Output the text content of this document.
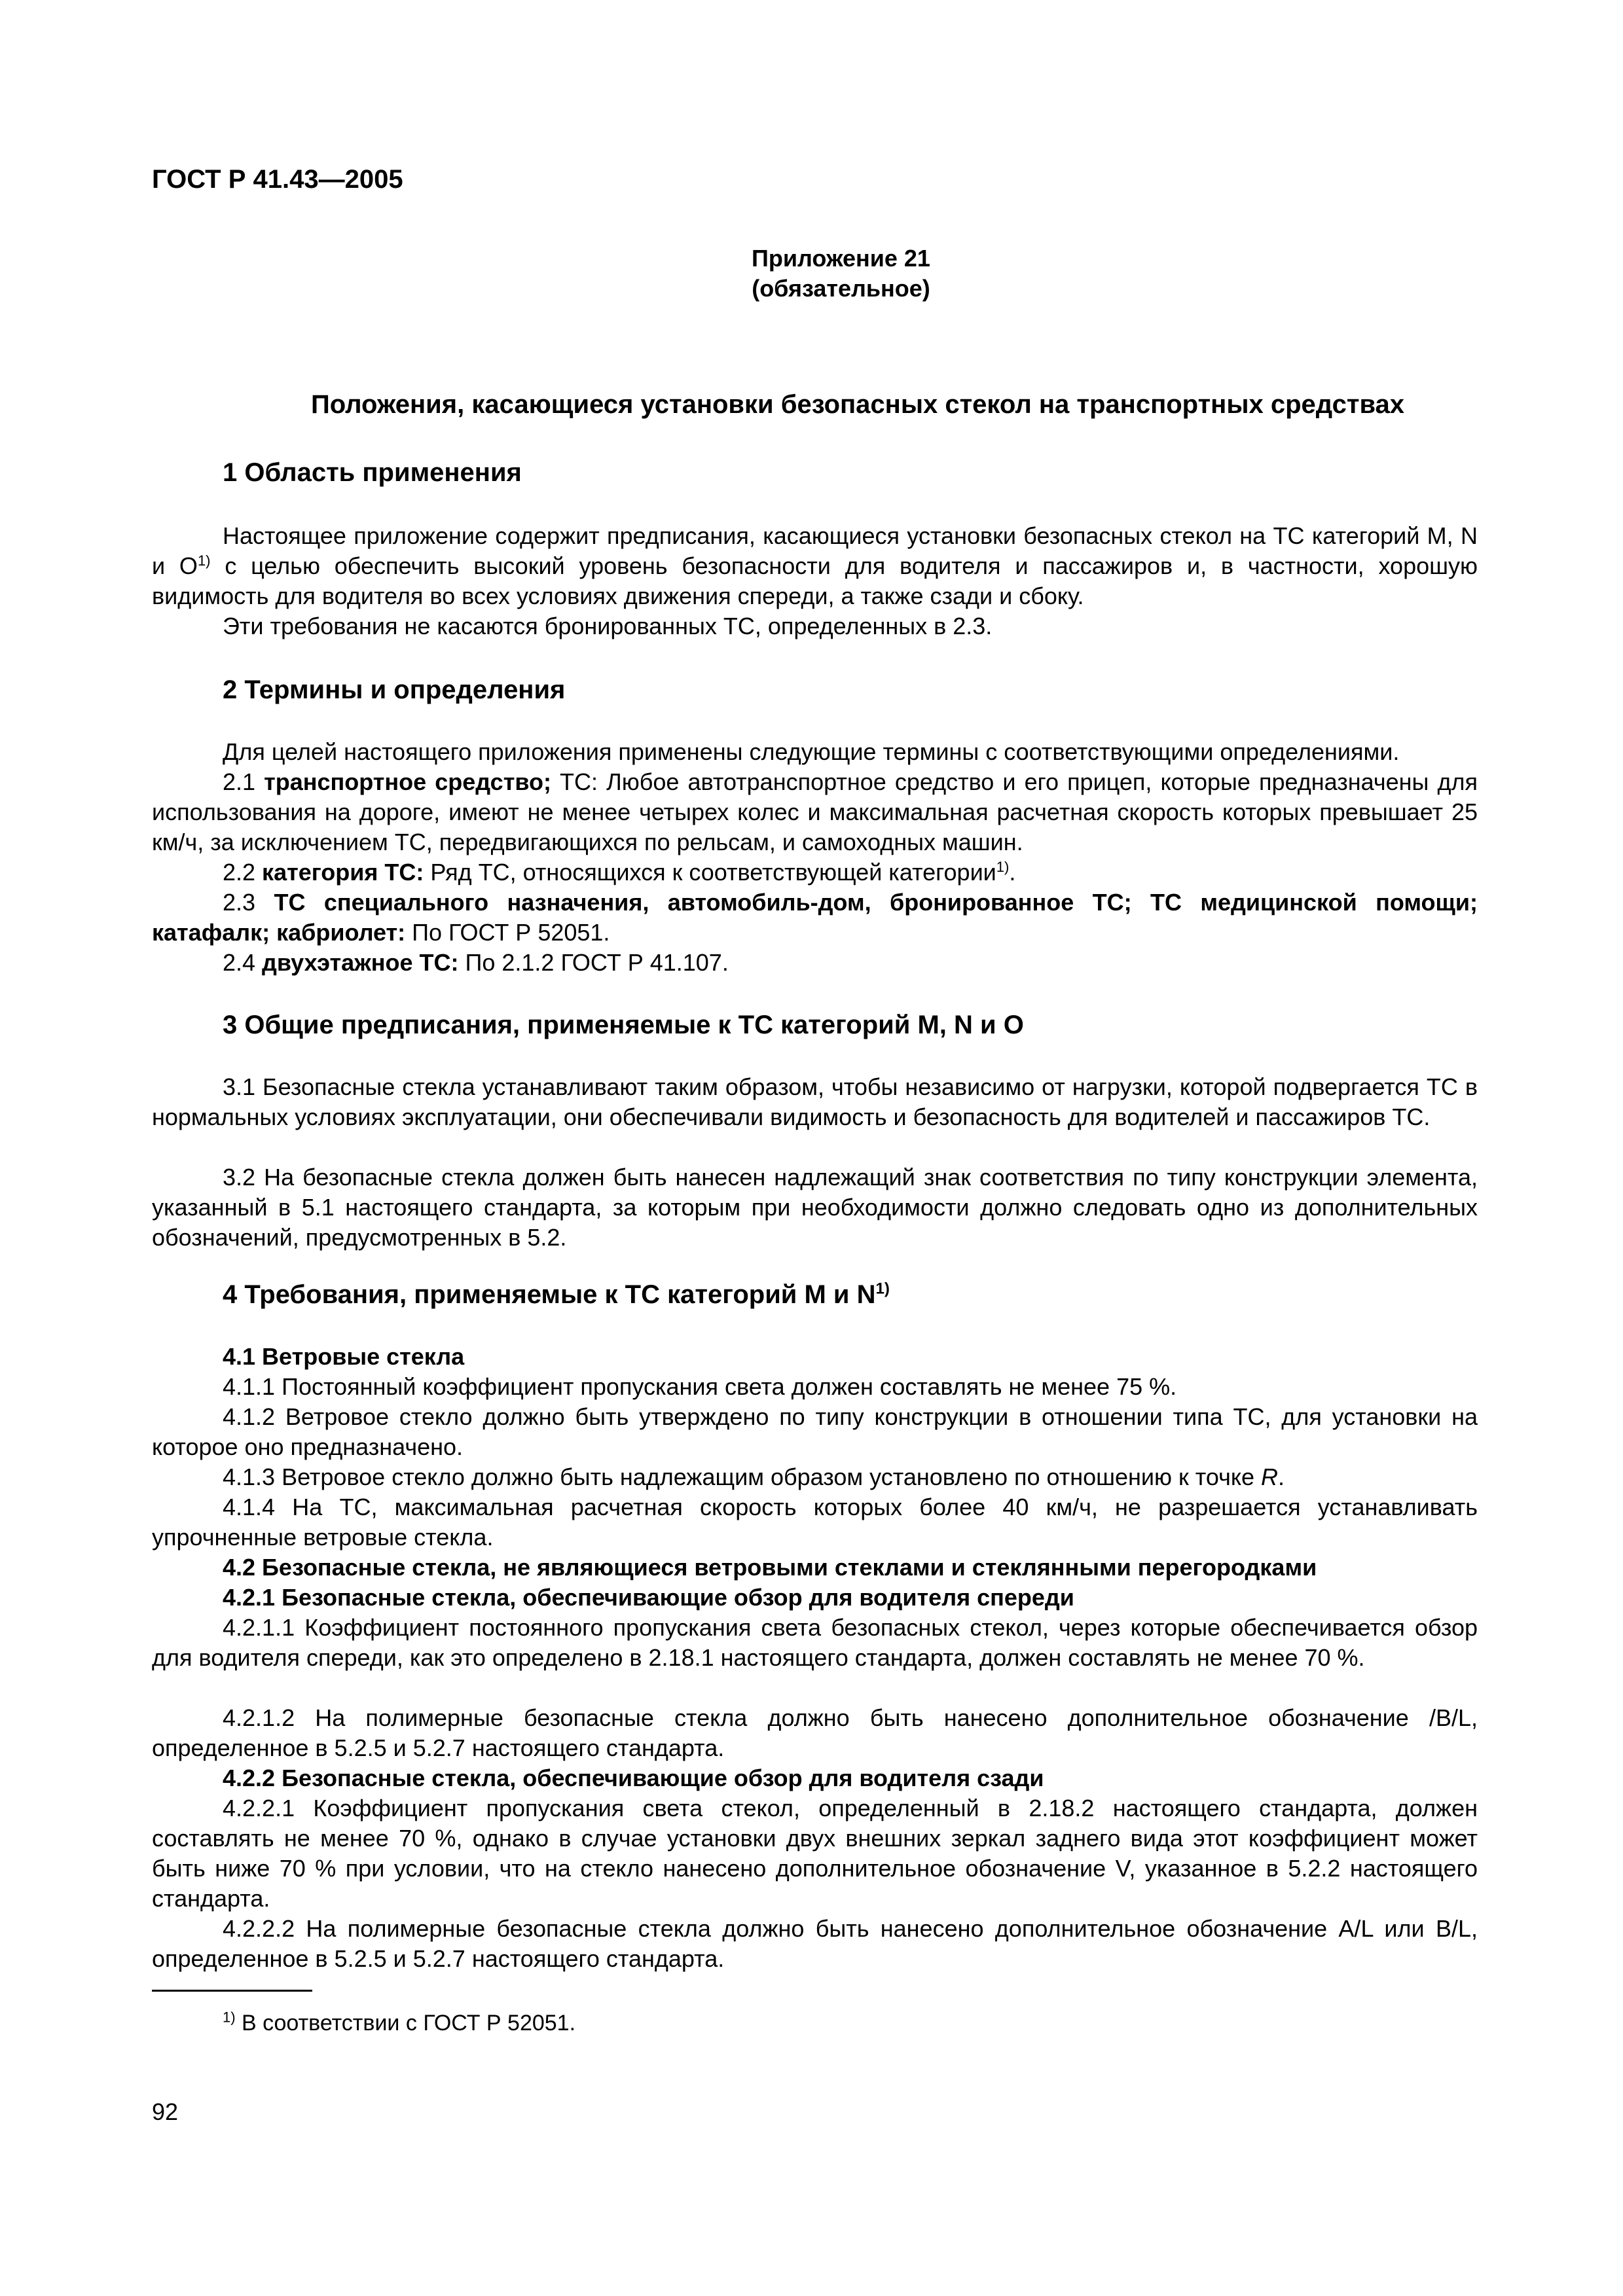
ГОСТ Р 41.43—2005
Приложение 21
(обязательное)
Положения, касающиеся установки безопасных стекол на транспортных средствах
1 Область применения
Настоящее приложение содержит предписания, касающиеся установки безопасных стекол на ТС категорий М, N и $О^{1)}$ с целью обеспечить высокий уровень безопасности для водителя и пассажиров и, в частности, хорошую видимость для водителя во всех условиях движения спереди, а также сзади и сбоку.
Эти требования не касаются бронированных ТС, определенных в 2.3.
2 Термины и определения
Для целей настоящего приложения применены следующие термины с соответствующими определениями.
2.1 транспортное средство; ТС: Любое автотранспортное средство и его прицеп, которые предназначены для использования на дороге, имеют не менее четырех колес и максимальная расчетная скорость которых превышает 25 км/ч, за исключением ТС, передвигающихся по рельсам, и самоходных машин.
2.2 категория ТС: Ряд ТС, относящихся к соответствующей категории$^{1)}$.
2.3 ТС специального назначения, автомобиль-дом, бронированное ТС; ТС медицинской помощи; катафалк; кабриолет: По ГОСТ Р 52051.
2.4 двухэтажное ТС: По 2.1.2 ГОСТ Р 41.107.
3 Общие предписания, применяемые к ТС категорий М, N и О
3.1 Безопасные стекла устанавливают таким образом, чтобы независимо от нагрузки, которой подвергается ТС в нормальных условиях эксплуатации, они обеспечивали видимость и безопасность для водителей и пассажиров ТС.
3.2 На безопасные стекла должен быть нанесен надлежащий знак соответствия по типу конструкции элемента, указанный в 5.1 настоящего стандарта, за которым при необходимости должно следовать одно из дополнительных обозначений, предусмотренных в 5.2.
4 Требования, применяемые к ТС категорий М и $N^{1)}$
4.1 Ветровые стекла
4.1.1 Постоянный коэффициент пропускания света должен составлять не менее 75 %.
4.1.2 Ветровое стекло должно быть утверждено по типу конструкции в отношении типа ТС, для установки на которое оно предназначено.
4.1.3 Ветровое стекло должно быть надлежащим образом установлено по отношению к точке R.
4.1.4 На ТС, максимальная расчетная скорость которых более 40 км/ч, не разрешается устанавливать упрочненные ветровые стекла.
4.2 Безопасные стекла, не являющиеся ветровыми стеклами и стеклянными перегородками
4.2.1 Безопасные стекла, обеспечивающие обзор для водителя спереди
4.2.1.1 Коэффициент постоянного пропускания света безопасных стекол, через которые обеспечивается обзор для водителя спереди, как это определено в 2.18.1 настоящего стандарта, должен составлять не менее 70 %.
4.2.1.2 На полимерные безопасные стекла должно быть нанесено дополнительное обозначение /B/L, определенное в 5.2.5 и 5.2.7 настоящего стандарта.
4.2.2 Безопасные стекла, обеспечивающие обзор для водителя сзади
4.2.2.1 Коэффициент пропускания света стекол, определенный в 2.18.2 настоящего стандарта, должен составлять не менее 70 %, однако в случае установки двух внешних зеркал заднего вида этот коэффициент может быть ниже 70 % при условии, что на стекло нанесено дополнительное обозначение V, указанное в 5.2.2 настоящего стандарта.
4.2.2.2 На полимерные безопасные стекла должно быть нанесено дополнительное обозначение A/L или B/L, определенное в 5.2.5 и 5.2.7 настоящего стандарта.
$^{1)}$ В соответствии с ГОСТ Р 52051.
92
